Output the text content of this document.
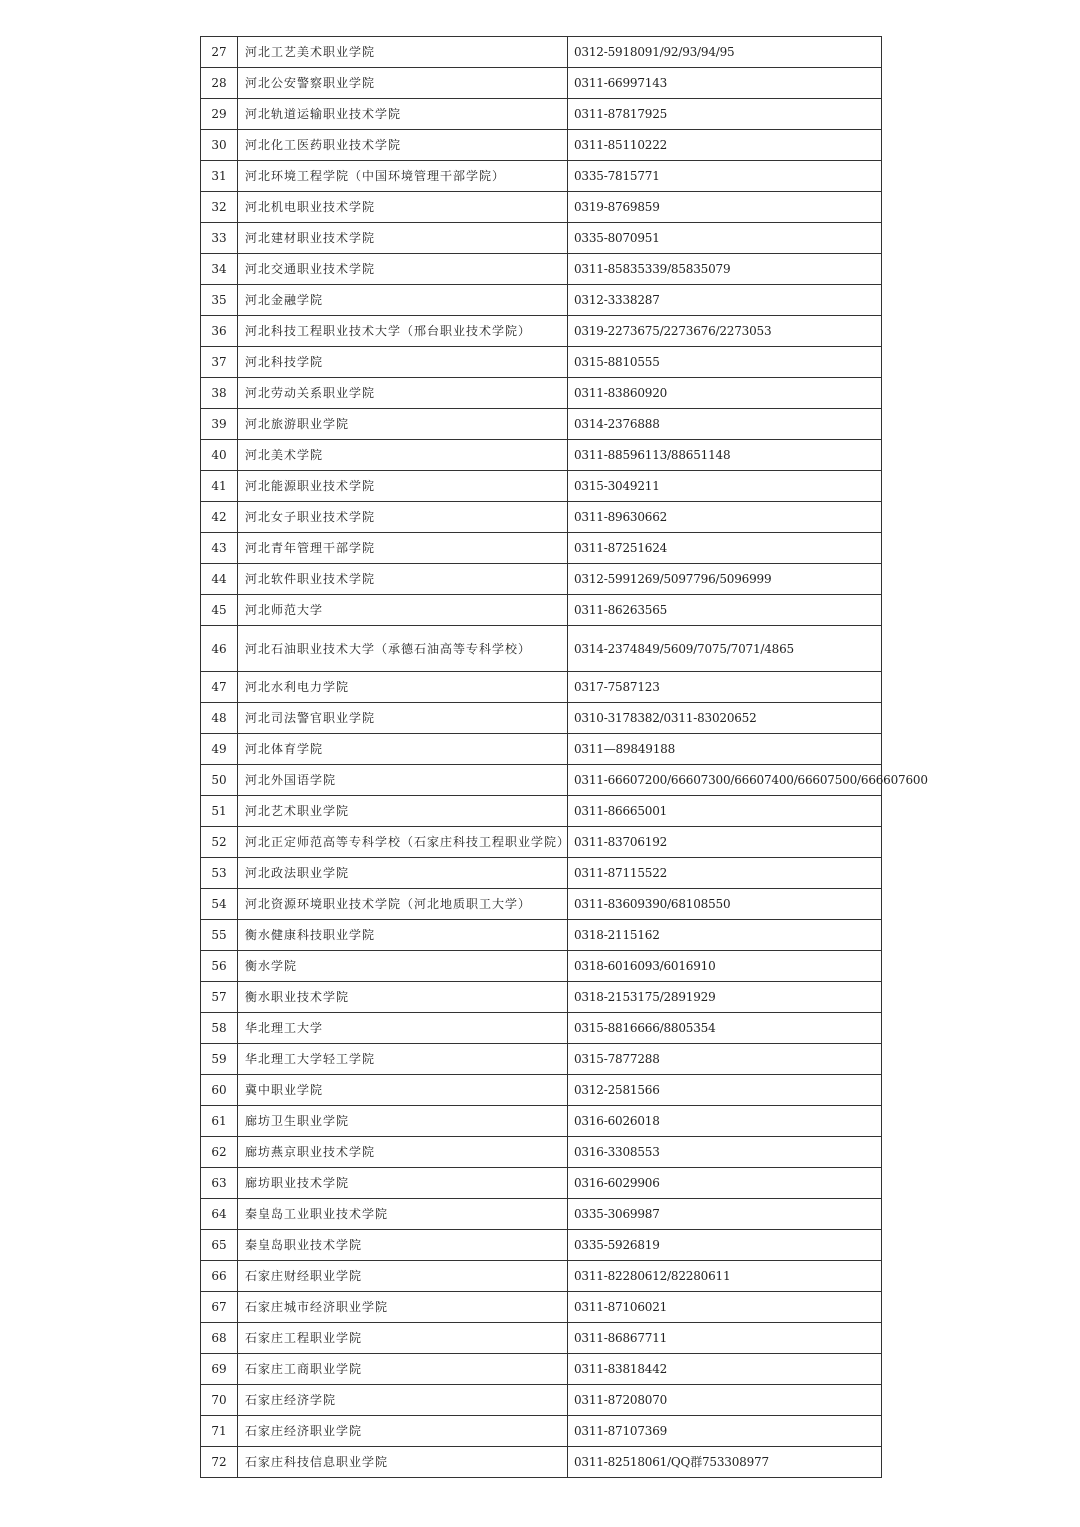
27	河北工艺美术职业学院	0312-5918091/92/93/94/95
28	河北公安警察职业学院	0311-66997143
29	河北轨道运输职业技术学院	0311-87817925
30	河北化工医药职业技术学院	0311-85110222
31	河北环境工程学院（中国环境管理干部学院）	0335-7815771
32	河北机电职业技术学院	0319-8769859
33	河北建材职业技术学院	0335-8070951
34	河北交通职业技术学院	0311-85835339/85835079
35	河北金融学院	0312-3338287
36	河北科技工程职业技术大学（邢台职业技术学院）	0319-2273675/2273676/2273053
37	河北科技学院	0315-8810555
38	河北劳动关系职业学院	0311-83860920
39	河北旅游职业学院	0314-2376888
40	河北美术学院	0311-88596113/88651148
41	河北能源职业技术学院	0315-3049211
42	河北女子职业技术学院	0311-89630662
43	河北青年管理干部学院	0311-87251624
44	河北软件职业技术学院	0312-5991269/5097796/5096999
45	河北师范大学	0311-86263565
46	河北石油职业技术大学（承德石油高等专科学校）	0314-2374849/5609/7075/7071/4865
47	河北水利电力学院	0317-7587123
48	河北司法警官职业学院	0310-3178382/0311-83020652
49	河北体育学院	0311—89849188
50	河北外国语学院	0311-66607200/66607300/66607400/66607500/666607600
51	河北艺术职业学院	0311-86665001
52	河北正定师范高等专科学校（石家庄科技工程职业学院）	0311-83706192
53	河北政法职业学院	0311-87115522
54	河北资源环境职业技术学院（河北地质职工大学）	0311-83609390/68108550
55	衡水健康科技职业学院	0318-2115162
56	衡水学院	0318-6016093/6016910
57	衡水职业技术学院	0318-2153175/2891929
58	华北理工大学	0315-8816666/8805354
59	华北理工大学轻工学院	0315-7877288
60	冀中职业学院	0312-2581566
61	廊坊卫生职业学院	0316-6026018
62	廊坊燕京职业技术学院	0316-3308553
63	廊坊职业技术学院	0316-6029906
64	秦皇岛工业职业技术学院	0335-3069987
65	秦皇岛职业技术学院	0335-5926819
66	石家庄财经职业学院	0311-82280612/82280611
67	石家庄城市经济职业学院	0311-87106021
68	石家庄工程职业学院	0311-86867711
69	石家庄工商职业学院	0311-83818442
70	石家庄经济学院	0311-87208070
71	石家庄经济职业学院	0311-87107369
72	石家庄科技信息职业学院	0311-82518061/QQ群753308977
